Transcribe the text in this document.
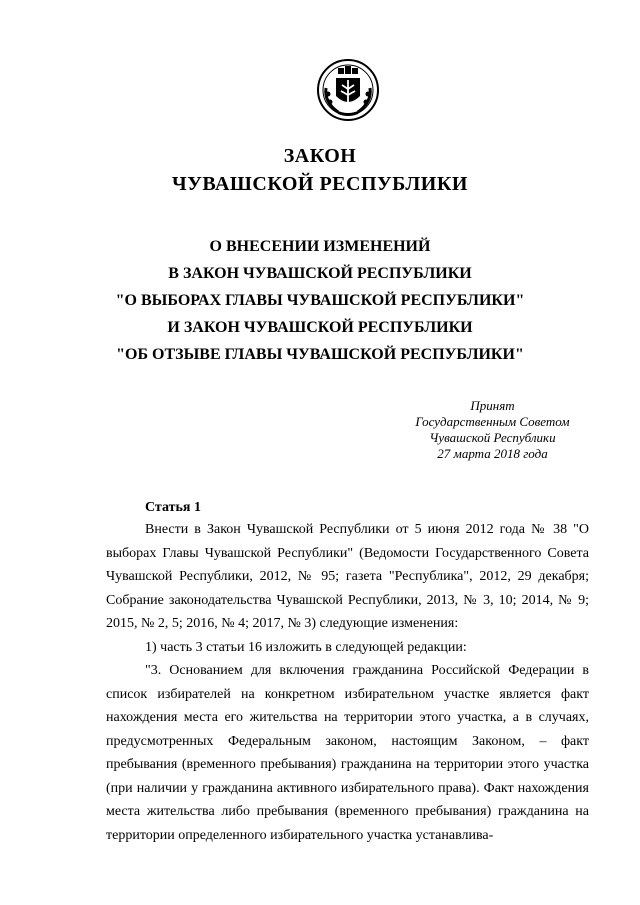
ЗАКОН
ЧУВАШСКОЙ РЕСПУБЛИКИ
О ВНЕСЕНИИ ИЗМЕНЕНИЙ
В ЗАКОН ЧУВАШСКОЙ РЕСПУБЛИКИ
"О ВЫБОРАХ ГЛАВЫ ЧУВАШСКОЙ РЕСПУБЛИКИ"
И ЗАКОН ЧУВАШСКОЙ РЕСПУБЛИКИ
"ОБ ОТЗЫВЕ ГЛАВЫ ЧУВАШСКОЙ РЕСПУБЛИКИ"
Принят
Государственным Советом
Чувашской Республики
27 марта 2018 года
Статья 1

Внести в Закон Чувашской Республики от 5 июня 2012 года № 38 "О выборах Главы Чувашской Республики" (Ведомости Государственного Совета Чувашской Республики, 2012, № 95; газета "Республика", 2012, 29 декабря; Собрание законодательства Чувашской Республики, 2013, № 3, 10; 2014, № 9; 2015, № 2, 5; 2016, № 4; 2017, № 3) следующие изменения:

1) часть 3 статьи 16 изложить в следующей редакции:

"3. Основанием для включения гражданина Российской Федерации в список избирателей на конкретном избирательном участке является факт нахождения места его жительства на территории этого участка, а в случаях, предусмотренных Федеральным законом, настоящим Законом, – факт пребывания (временного пребывания) гражданина на территории этого участка (при наличии у гражданина активного избирательного права). Факт нахождения места жительства либо пребывания (временного пребывания) гражданина на территории определенного избирательного участка устанавлива-
